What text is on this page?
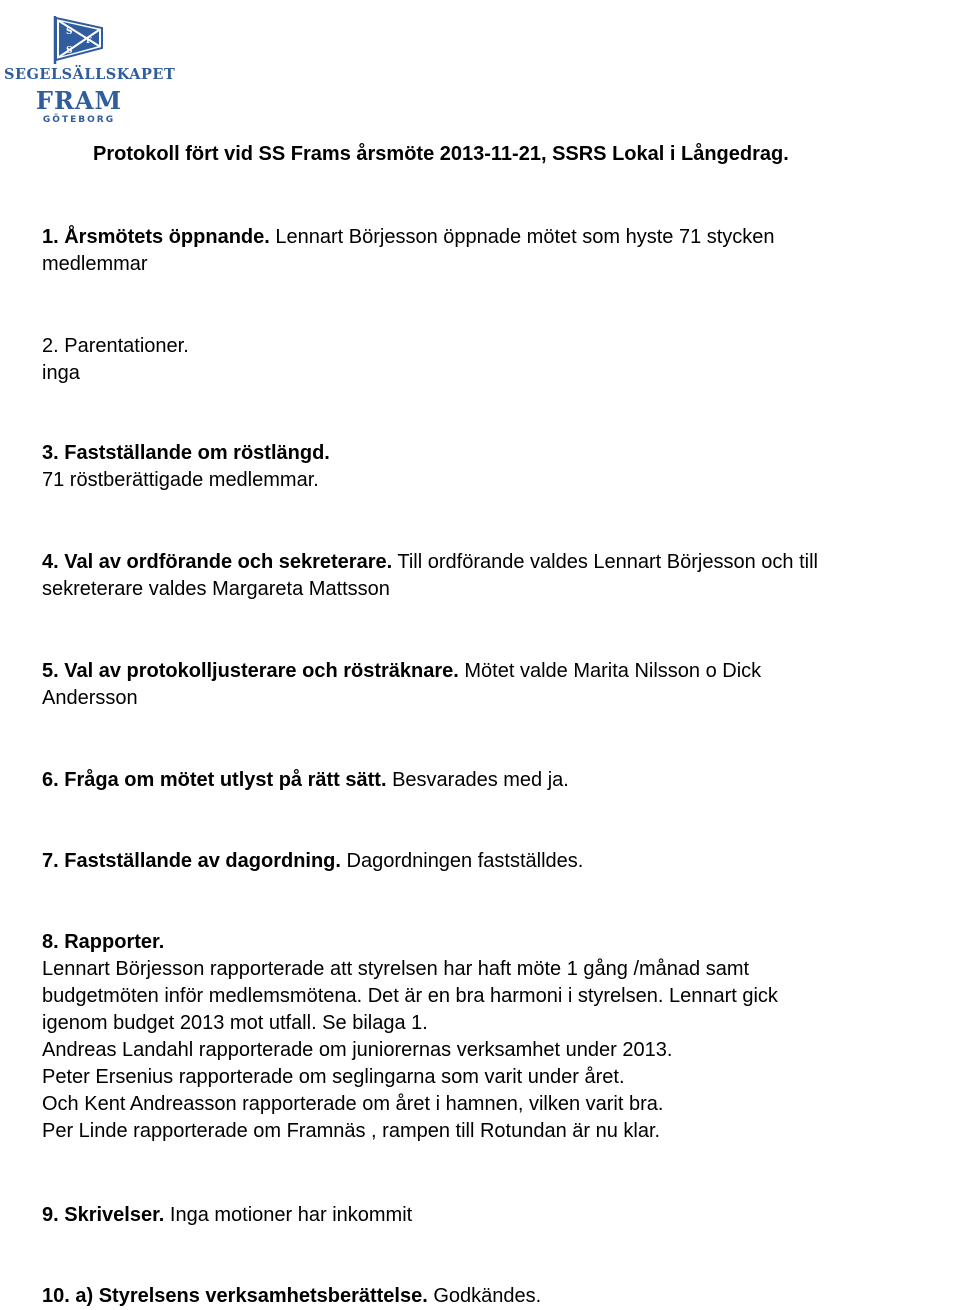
S
S
F
SEGELSÄLLSKAPET
FRAM
GÖTEBORG
Protokoll fört vid SS Frams årsmöte 2013-11-21, SSRS Lokal i Långedrag.

1. Årsmötets öppnande. Lennart Börjesson öppnade mötet som hyste 71 stycken

medlemmar

2. Parentationer.

inga

3. Fastställande om röstlängd.

71 röstberättigade medlemmar.

4. Val av ordförande och sekreterare. Till ordförande valdes Lennart Börjesson och till

sekreterare valdes Margareta Mattsson

5. Val av protokolljusterare och rösträknare. Mötet valde Marita Nilsson o Dick

Andersson

6. Fråga om mötet utlyst på rätt sätt. Besvarades med ja.

7. Fastställande av dagordning. Dagordningen fastställdes.

8. Rapporter.

Lennart Börjesson rapporterade att styrelsen har haft möte 1 gång /månad samt

budgetmöten inför medlemsmötena. Det är en bra harmoni i styrelsen. Lennart gick

igenom budget 2013 mot utfall. Se bilaga 1.

Andreas Landahl rapporterade om juniorernas verksamhet under 2013.

Peter Ersenius rapporterade om seglingarna som varit under året.

Och Kent Andreasson rapporterade om året i hamnen, vilken varit bra.

Per Linde rapporterade om Framnäs , rampen till Rotundan är nu klar.

9. Skrivelser. Inga motioner har inkommit

10. a) Styrelsens verksamhetsberättelse. Godkändes.
